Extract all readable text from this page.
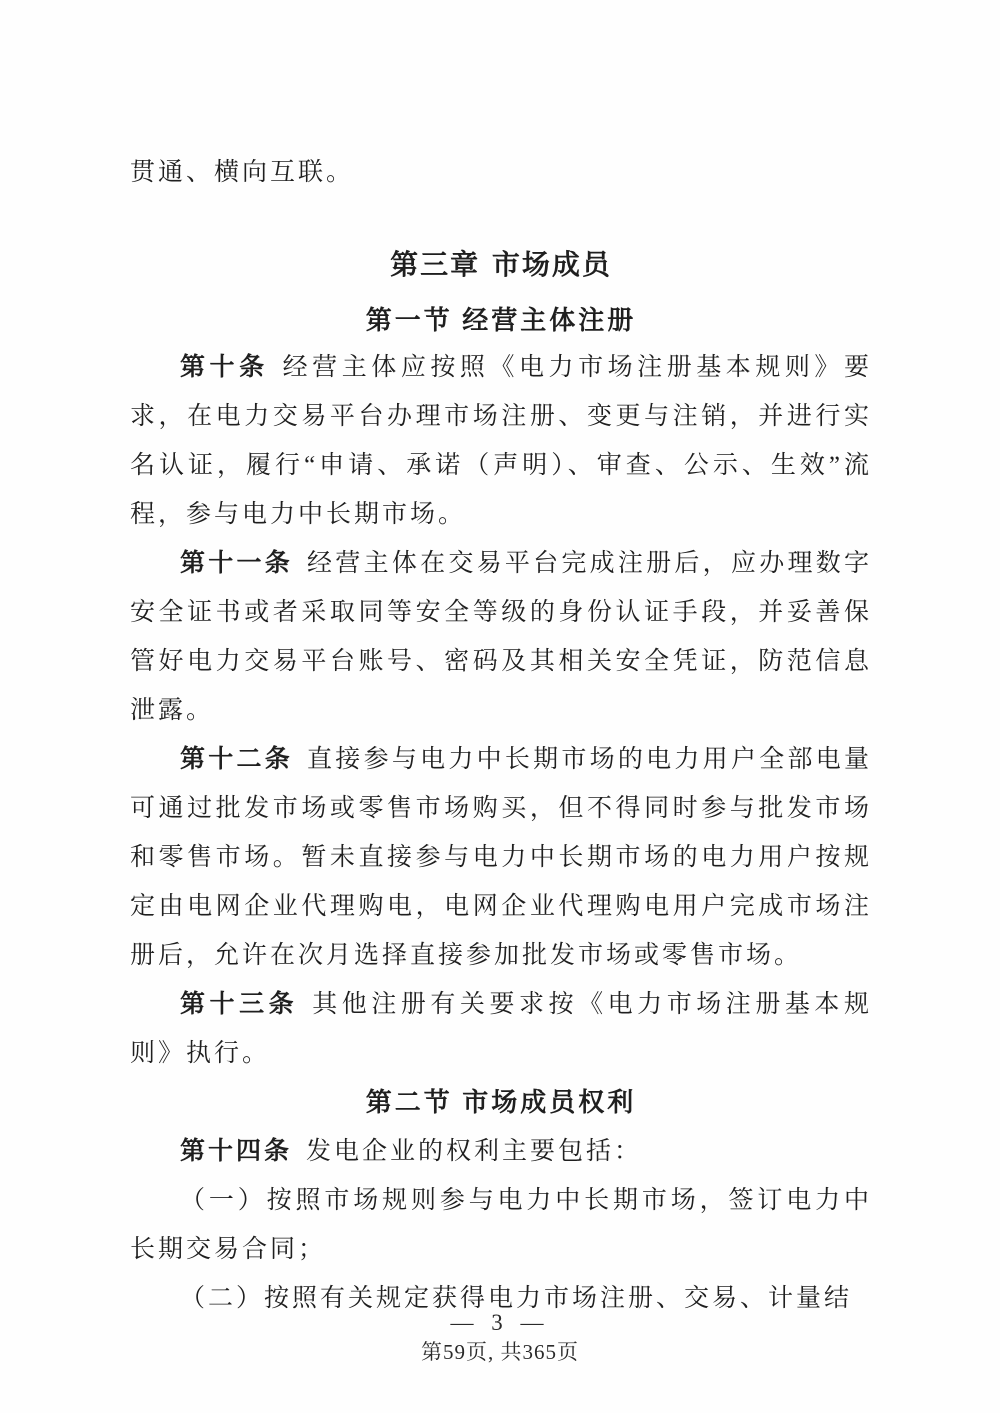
贯通、横向互联。

第三章 市场成员
第一节 经营主体注册

第十条 经营主体应按照《电力市场注册基本规则》要求，在电力交易平台办理市场注册、变更与注销，并进行实名认证，履行“申请、承诺（声明）、审查、公示、生效”流程，参与电力中长期市场。

第十一条 经营主体在交易平台完成注册后，应办理数字安全证书或者采取同等安全等级的身份认证手段，并妥善保管好电力交易平台账号、密码及其相关安全凭证，防范信息泄露。

第十二条 直接参与电力中长期市场的电力用户全部电量可通过批发市场或零售市场购买，但不得同时参与批发市场和零售市场。暂未直接参与电力中长期市场的电力用户按规定由电网企业代理购电，电网企业代理购电用户完成市场注册后，允许在次月选择直接参加批发市场或零售市场。

第十三条 其他注册有关要求按《电力市场注册基本规则》执行。

第二节 市场成员权利

第十四条 发电企业的权利主要包括：

（一）按照市场规则参与电力中长期市场，签订电力中长期交易合同；

（二）按照有关规定获得电力市场注册、交易、计量结

— 3 —
第59页, 共365页
